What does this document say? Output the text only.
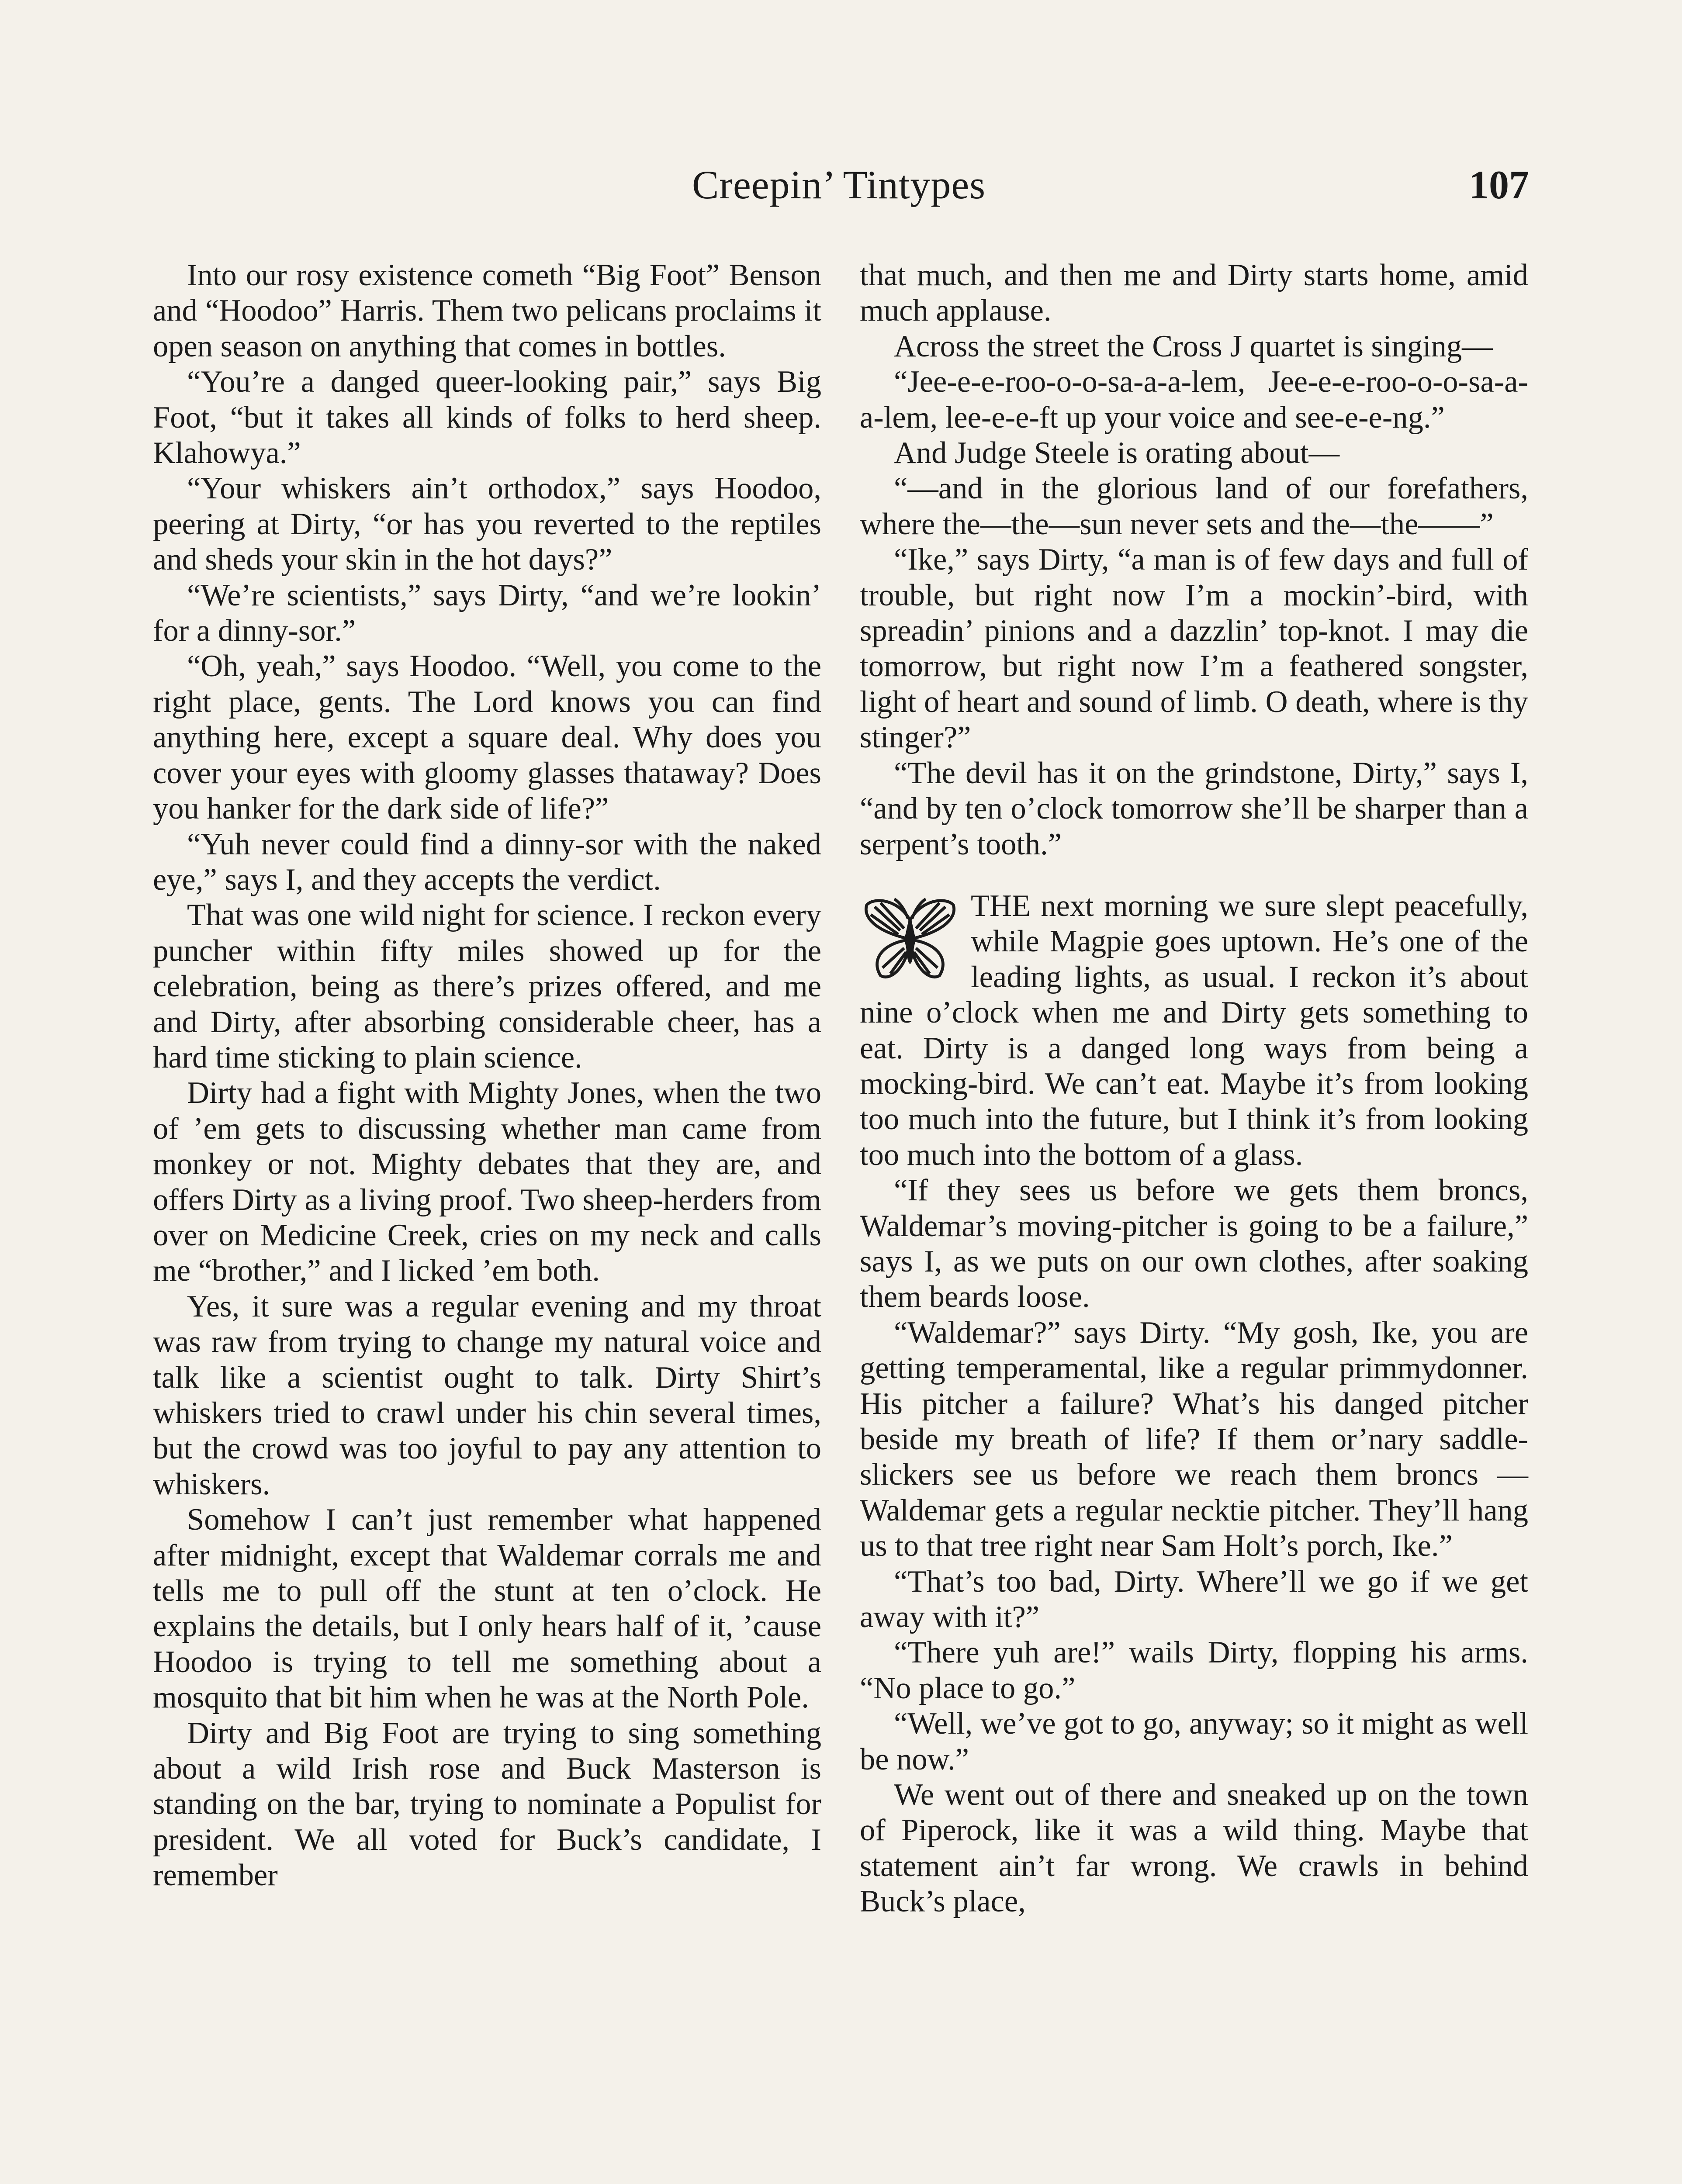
Creepin’ Tintypes	107

Into our rosy existence cometh “Big Foot” Benson and “Hoodoo” Harris. Them two pelicans proclaims it open season on anything that comes in bottles.

“You’re a danged queer-looking pair,” says Big Foot, “but it takes all kinds of folks to herd sheep. Klahowya.”

“Your whiskers ain’t orthodox,” says Hoodoo, peering at Dirty, “or has you reverted to the reptiles and sheds your skin in the hot days?”

“We’re scientists,” says Dirty, “and we’re lookin’ for a dinny-sor.”

“Oh, yeah,” says Hoodoo. “Well, you come to the right place, gents. The Lord knows you can find anything here, except a square deal. Why does you cover your eyes with gloomy glasses thataway? Does you hanker for the dark side of life?”

“Yuh never could find a dinny-sor with the naked eye,” says I, and they accepts the verdict.

That was one wild night for science. I reckon every puncher within fifty miles showed up for the celebration, being as there’s prizes offered, and me and Dirty, after absorbing considerable cheer, has a hard time sticking to plain science.

Dirty had a fight with Mighty Jones, when the two of ’em gets to discussing whether man came from monkey or not. Mighty debates that they are, and offers Dirty as a living proof. Two sheep-herders from over on Medicine Creek, cries on my neck and calls me “brother,” and I licked ’em both.

Yes, it sure was a regular evening and my throat was raw from trying to change my natural voice and talk like a scientist ought to talk. Dirty Shirt’s whiskers tried to crawl under his chin several times, but the crowd was too joyful to pay any attention to whiskers.

Somehow I can’t just remember what happened after midnight, except that Waldemar corrals me and tells me to pull off the stunt at ten o’clock. He explains the details, but I only hears half of it, ’cause Hoodoo is trying to tell me something about a mosquito that bit him when he was at the North Pole.

Dirty and Big Foot are trying to sing something about a wild Irish rose and Buck Masterson is standing on the bar, trying to nominate a Populist for president. We all voted for Buck’s candidate, I remember

that much, and then me and Dirty starts home, amid much applause.

Across the street the Cross J quartet is singing—

“Jee-e-e-roo-o-o-sa-a-a-lem, Jee-e-e-roo-o-o-sa-a-a-lem, lee-e-e-ft up your voice and see-e-e-ng.”

And Judge Steele is orating about—

“—and in the glorious land of our forefathers, where the—the—sun never sets and the—the——”

“Ike,” says Dirty, “a man is of few days and full of trouble, but right now I’m a mockin’-bird, with spreadin’ pinions and a dazzlin’ top-knot. I may die tomorrow, but right now I’m a feathered songster, light of heart and sound of limb. O death, where is thy stinger?”

“The devil has it on the grindstone, Dirty,” says I, “and by ten o’clock tomorrow she’ll be sharper than a serpent’s tooth.”

THE next morning we sure slept peacefully, while Magpie goes uptown. He’s one of the leading lights, as usual. I reckon it’s about nine o’clock when me and Dirty gets something to eat. Dirty is a danged long ways from being a mocking-bird. We can’t eat. Maybe it’s from looking too much into the future, but I think it’s from looking too much into the bottom of a glass.

“If they sees us before we gets them broncs, Waldemar’s moving-pitcher is going to be a failure,” says I, as we puts on our own clothes, after soaking them beards loose.

“Waldemar?” says Dirty. “My gosh, Ike, you are getting temperamental, like a regular primmydonner. His pitcher a failure? What’s his danged pitcher beside my breath of life? If them or’nary saddle-slickers see us before we reach them broncs —Waldemar gets a regular necktie pitcher. They’ll hang us to that tree right near Sam Holt’s porch, Ike.”

“That’s too bad, Dirty. Where’ll we go if we get away with it?”

“There yuh are!” wails Dirty, flopping his arms. “No place to go.”

“Well, we’ve got to go, anyway; so it might as well be now.”

We went out of there and sneaked up on the town of Piperock, like it was a wild thing. Maybe that statement ain’t far wrong. We crawls in behind Buck’s place,
